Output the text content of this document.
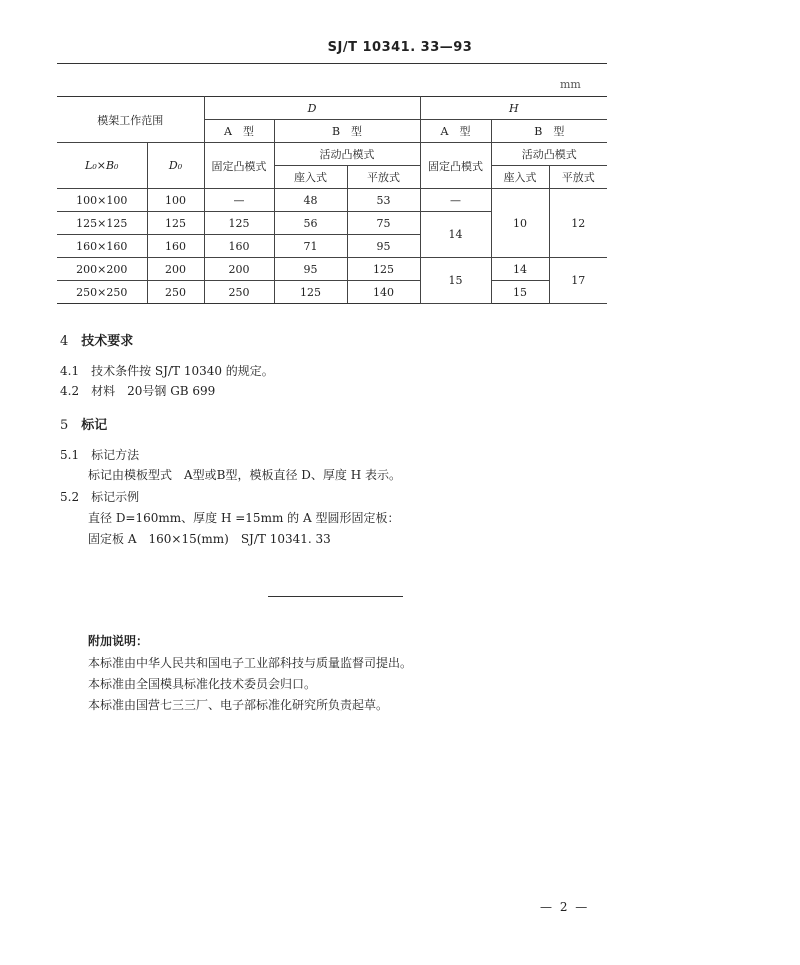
SJ/T 10341. 33—93
mm
模架工作范围		D			H		
		A　型	B　型		A　型	B　型	
L₀×B₀	D₀	固定凸模式	活动凸模式		固定凸模式	活动凸模式	
			座入式	平放式		座入式	平放式
100×100	100	—	48	53	—	10	12
125×125	125	125	56	75	14		
160×160	160	160	71	95			
200×200	200	200	95	125	15	14	17
250×250	250	250	125	140		15	
4　 技术要求
4.1　 技术条件按 SJ/T 10340 的规定。
4.2　 材料　20号钢 GB 699
5　 标记
5.1　 标记方法
标记由模板型式　A型或B型，模板直径 D、厚度 H 表示。
5.2　 标记示例
直径 D=160mm、厚度 H =15mm 的 A 型圆形固定板：
固定板 A　160×15(mm)　SJ/T 10341. 33
附加说明：
本标准由中华人民共和国电子工业部科技与质量监督司提出。
本标准由全国模具标准化技术委员会归口。
本标准由国营七三三厂、电子部标准化研究所负责起草。
— 2 —
